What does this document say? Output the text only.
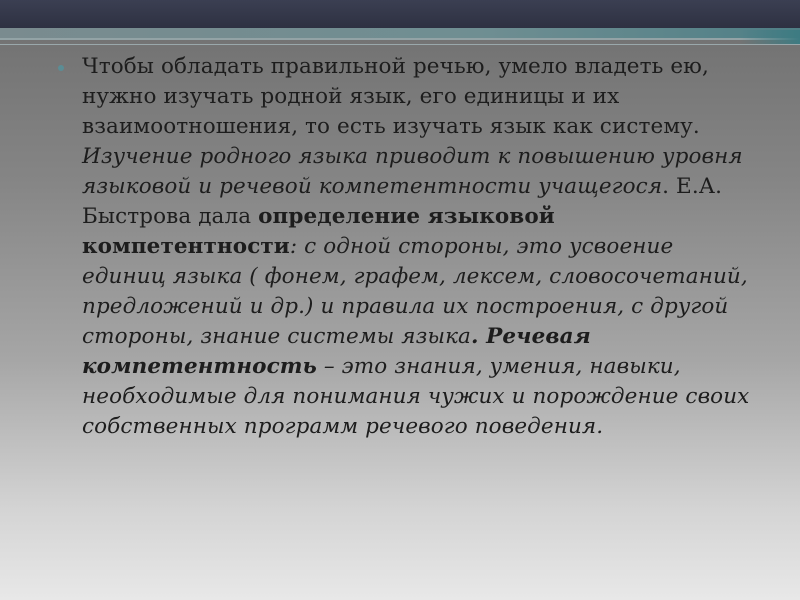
Чтобы обладать правильной речью, умело владеть ею, нужно изучать родной язык, его единицы и их взаимоотношения, то есть изучать язык как систему. Изучение родного языка приводит к повышению уровня языковой и речевой компетентности учащегося. Е.А. Быстрова дала определение языковой компетентности: с одной стороны, это усвоение единиц языка ( фонем, графем, лексем, словосочетаний, предложений и др.) и правила их построения, с другой стороны, знание системы языка. Речевая компетентность – это знания, умения, навыки, необходимые для понимания чужих и порождение своих собственных программ речевого поведения.
